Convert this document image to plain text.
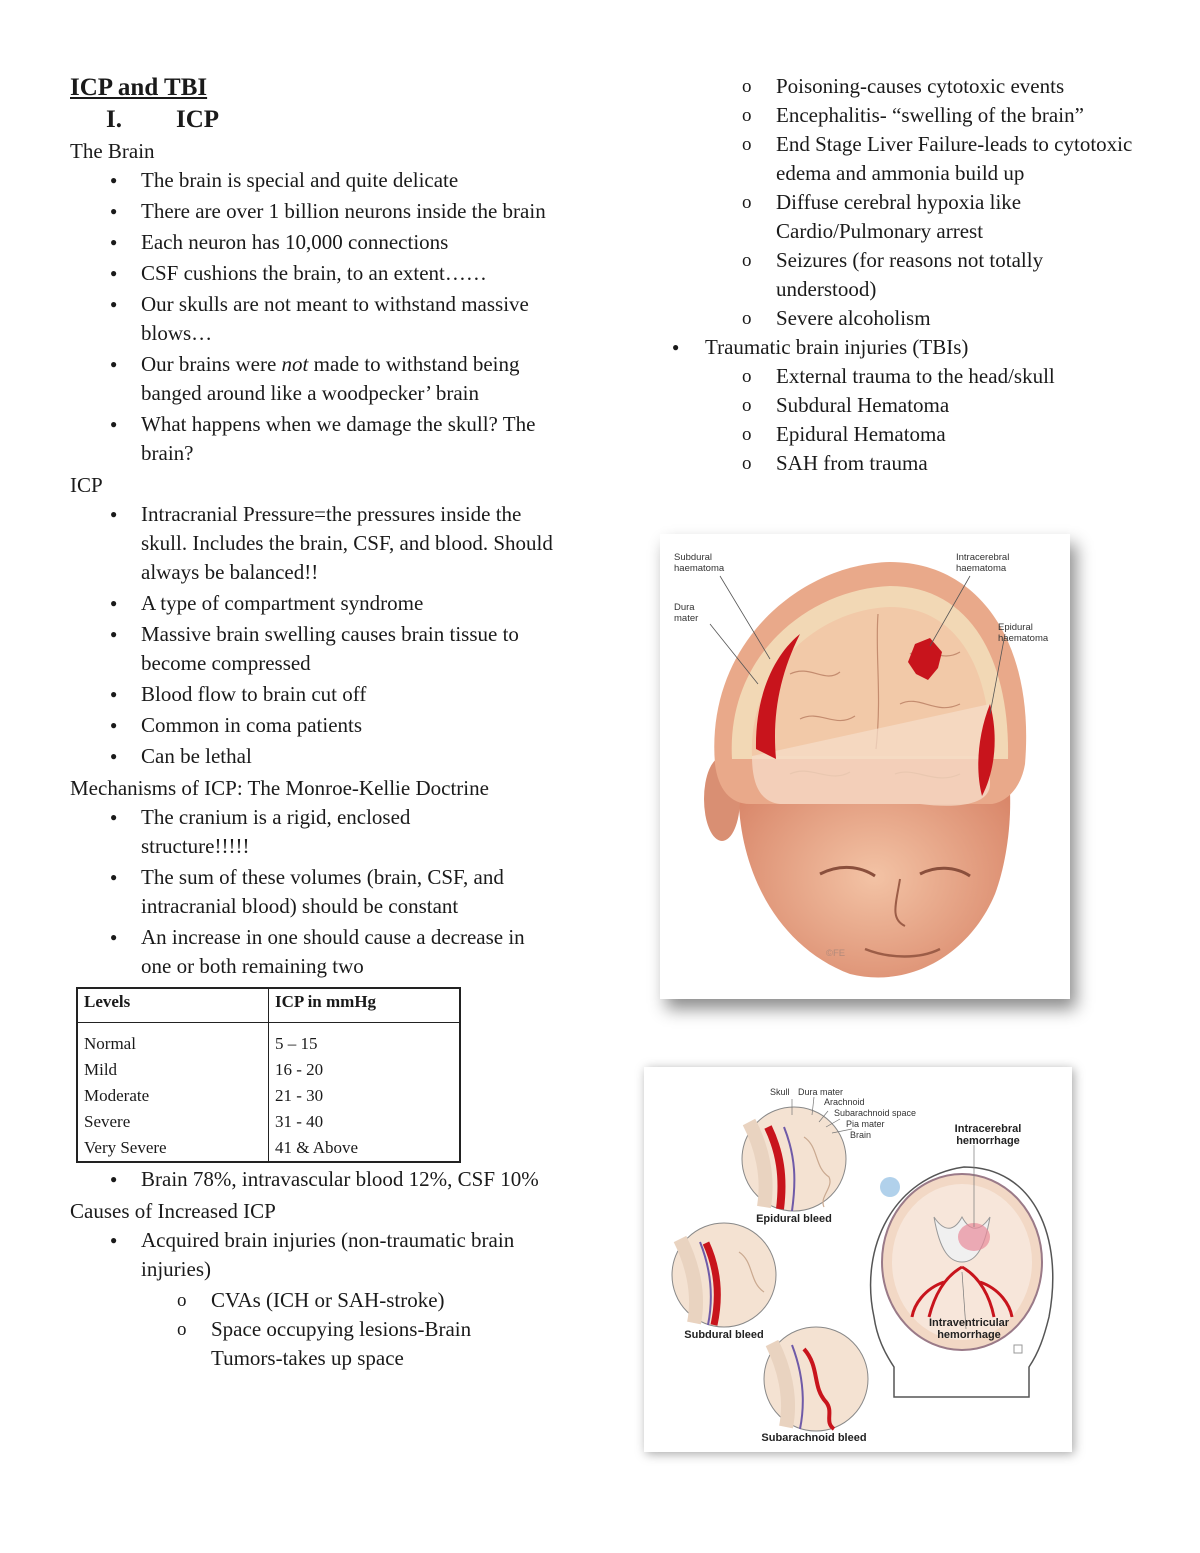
ICP and TBI
I.	ICP
The Brain
● The brain is special and quite delicate
● There are over 1 billion neurons inside the brain
● Each neuron has 10,000 connections
● CSF cushions the brain, to an extent……
● Our skulls are not meant to withstand massive blows…
● Our brains were not made to withstand being banged around like a woodpecker’ brain
● What happens when we damage the skull? The brain?
ICP
● Intracranial Pressure=the pressures inside the skull. Includes the brain, CSF, and blood. Should always be balanced!!
● A type of compartment syndrome
● Massive brain swelling causes brain tissue to become compressed
● Blood flow to brain cut off
● Common in coma patients
● Can be lethal
Mechanisms of ICP: The Monroe-Kellie Doctrine
● The cranium is a rigid, enclosed structure!!!!!
● The sum of these volumes (brain, CSF, and intracranial blood) should be constant
● An increase in one should cause a decrease in one or both remaining two
Levels	ICP in mmHg
Normal	5 – 15
Mild	16 - 20
Moderate	21 - 30
Severe	31 - 40
Very Severe	41 & Above
● Brain 78%, intravascular blood 12%, CSF 10%
Causes of Increased ICP
● Acquired brain injuries (non-traumatic brain injuries)
o CVAs (ICH or SAH-stroke)
o Space occupying lesions-Brain Tumors-takes up space
o Poisoning-causes cytotoxic events
o Encephalitis- “swelling of the brain”
o End Stage Liver Failure-leads to cytotoxic edema and ammonia build up
o Diffuse cerebral hypoxia like Cardio/Pulmonary arrest
o Seizures (for reasons not totally understood)
o Severe alcoholism
● Traumatic brain injuries (TBIs)
o External trauma to the head/skull
o Subdural Hematoma
o Epidural Hematoma
o SAH from trauma
Subdural haematoma
Dura mater
Intracerebral haematoma
Epidural haematoma
©FE
Skull Dura mater
Arachnoid
Subarachnoid space
Pia mater
Brain	Intracerebral hemorrhage
Epidural bleed
Subdural bleed
Intraventricular hemorrhage
Subarachnoid bleed
